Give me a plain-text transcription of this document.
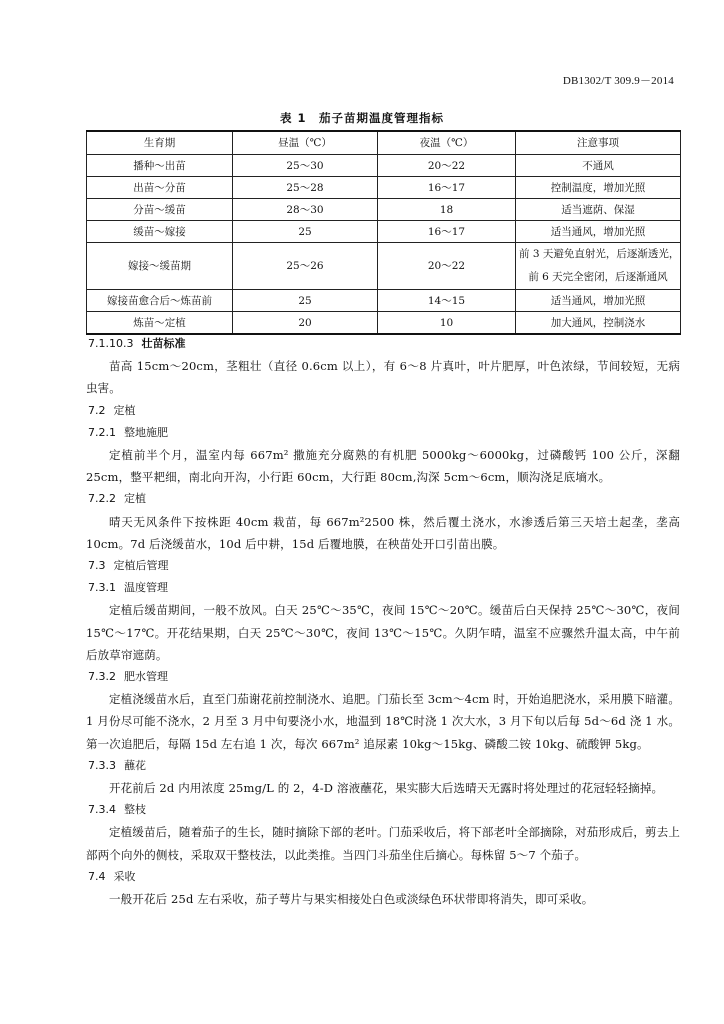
DB1302/T 309.9－2014
表 1　茄子苗期温度管理指标
生育期	昼温（℃）	夜温（℃）	注意事项
播种～出苗	25～30	20～22	不通风

出苗～分苗	25～28	16～17	控制温度，增加光照

分苗～缓苗	28～30	18	适当遮荫、保湿

缓苗～嫁接	25	16～17	适当通风，增加光照

嫁接～缓苗期	25～26	20～22	前 3 天避免直射光，后逐渐透光，
前 6 天完全密闭，后逐渐通风

嫁接苗愈合后～炼苗前	25	14～15	适当通风，增加光照

炼苗～定植	20	10	加大通风，控制浇水
7.1.10.3 壮苗标准

苗高 15cm～20cm，茎粗壮（直径 0.6cm 以上），有 6～8 片真叶，叶片肥厚，叶色浓绿，节间较短，无病虫害。

7.2 定植
7.2.1 整地施肥

定植前半个月，温室内每 667m² 撒施充分腐熟的有机肥 5000kg～6000kg，过磷酸钙 100 公斤，深翻 25cm，整平耙细，南北向开沟，小行距 60cm，大行距 80cm,沟深 5cm～6cm，顺沟浇足底墒水。

7.2.2 定植

晴天无风条件下按株距 40cm 栽苗，每 667m²2500 株，然后覆土浇水，水渗透后第三天培土起垄，垄高 10cm。7d 后浇缓苗水，10d 后中耕，15d 后覆地膜，在秧苗处开口引苗出膜。

7.3 定植后管理
7.3.1 温度管理

定植后缓苗期间，一般不放风。白天 25℃～35℃，夜间 15℃～20℃。缓苗后白天保持 25℃～30℃，夜间 15℃～17℃。开花结果期，白天 25℃～30℃，夜间 13℃～15℃。久阴乍晴，温室不应骤然升温太高，中午前后放草帘遮荫。

7.3.2 肥水管理

定植浇缓苗水后，直至门茄谢花前控制浇水、追肥。门茄长至 3cm～4cm 时，开始追肥浇水，采用膜下暗灌。1 月份尽可能不浇水，2 月至 3 月中旬要浇小水，地温到 18℃时浇 1 次大水，3 月下旬以后每 5d～6d 浇 1 水。第一次追肥后，每隔 15d 左右追 1 次，每次 667m² 追尿素 10kg～15kg、磷酸二铵 10kg、硫酸钾 5kg。

7.3.3 蘸花

开花前后 2d 内用浓度 25mg/L 的 2，4-D 溶液蘸花，果实膨大后选晴天无露时将处理过的花冠轻轻摘掉。

7.3.4 整枝

定植缓苗后，随着茄子的生长，随时摘除下部的老叶。门茄采收后，将下部老叶全部摘除，对茄形成后，剪去上部两个向外的侧枝，采取双干整枝法，以此类推。当四门斗茄坐住后摘心。每株留 5～7 个茄子。

7.4 采收

一般开花后 25d 左右采收，茄子萼片与果实相接处白色或淡绿色环状带即将消失，即可采收。
